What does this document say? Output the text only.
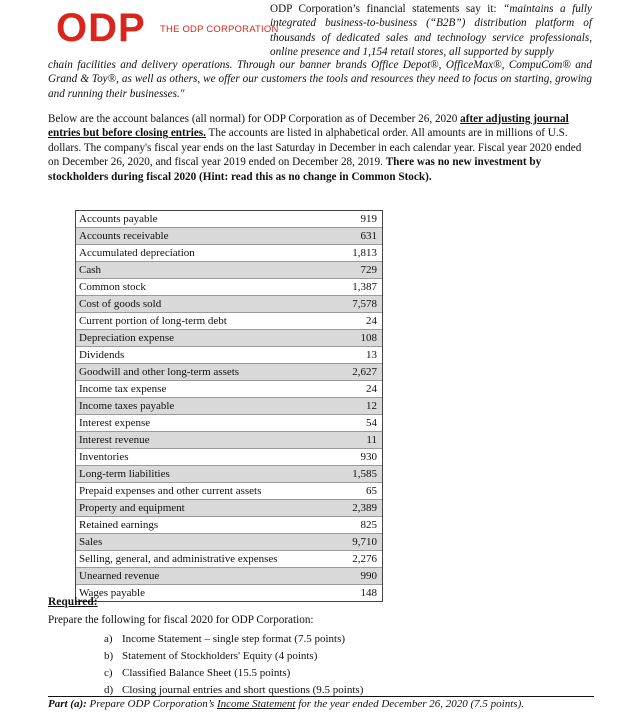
ODP THE ODP CORPORATION
ODP Corporation’s financial statements say it: “maintains a fully integrated business-to-business (“B2B”) distribution platform of thousands of dedicated sales and technology service professionals, online presence and 1,154 retail stores, all supported by supply
chain facilities and delivery operations. Through our banner brands Office Depot®, OfficeMax®, CompuCom® and Grand & Toy®, as well as others, we offer our customers the tools and resources they need to focus on starting, growing and running their businesses."
Below are the account balances (all normal) for ODP Corporation as of December 26, 2020 after adjusting journal entries but before closing entries. The accounts are listed in alphabetical order. All amounts are in millions of U.S. dollars. The company's fiscal year ends on the last Saturday in December in each calendar year. Fiscal year 2020 ended on December 26, 2020, and fiscal year 2019 ended on December 28, 2019. There was no new investment by stockholders during fiscal 2020 (Hint: read this as no change in Common Stock).
Accounts payable	919
Accounts receivable	631
Accumulated depreciation	1,813
Cash	729
Common stock	1,387
Cost of goods sold	7,578
Current portion of long-term debt	24
Depreciation expense	108
Dividends	13
Goodwill and other long-term assets	2,627
Income tax expense	24
Income taxes payable	12
Interest expense	54
Interest revenue	11
Inventories	930
Long-term liabilities	1,585
Prepaid expenses and other current assets	65
Property and equipment	2,389
Retained earnings	825
Sales	9,710
Selling, general, and administrative expenses	2,276
Unearned revenue	990
Wages payable	148
Required:
Prepare the following for fiscal 2020 for ODP Corporation:
a) Income Statement – single step format (7.5 points)
b) Statement of Stockholders' Equity (4 points)
c) Classified Balance Sheet (15.5 points)
d) Closing journal entries and short questions (9.5 points)
Part (a): Prepare ODP Corporation’s Income Statement for the year ended December 26, 2020 (7.5 points).
